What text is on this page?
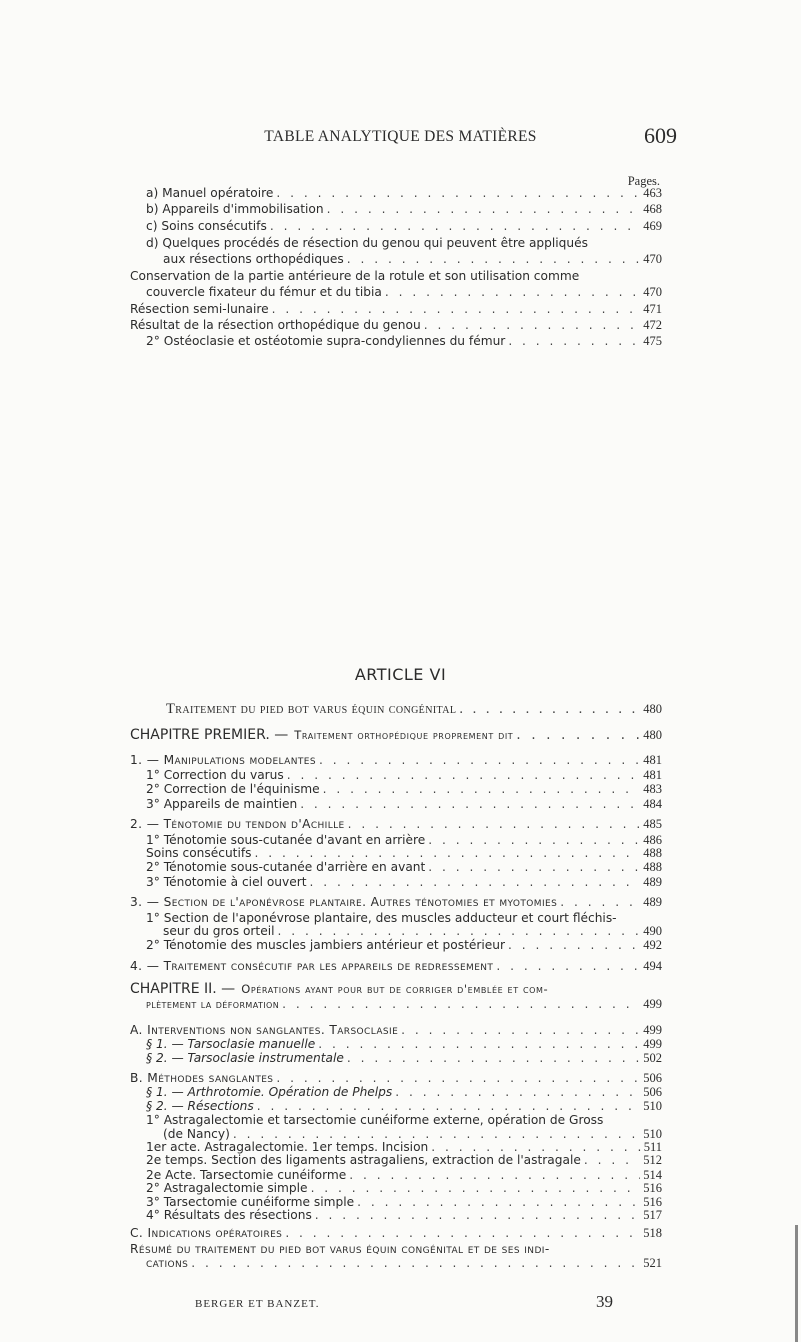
TABLE ANALYTIQUE DES MATIÈRES	609
Pages.
a) Manuel opératoire . . .	463
b) Appareils d'immobilisation . . .	468
c) Soins consécutifs . . .	469
d) Quelques procédés de résection du genou qui peuvent être appliqués
aux résections orthopédiques . . .	470
Conservation de la partie antérieure de la rotule et son utilisation comme
couvercle fixateur du fémur et du tibia . . .	470
Résection semi-lunaire . . .	471
Résultat de la résection orthopédique du genou . . .	472
2° Ostéoclasie et ostéotomie supra-condyliennes du fémur . . .	475
ARTICLE VI
Traitement du pied bot varus équin congénital . . .	480
CHAPITRE PREMIER. — Traitement orthopédique proprement dit . . .	480
1. — Manipulations modelantes . . .	481
1° Correction du varus . . .	481
2° Correction de l'équinisme . . .	483
3° Appareils de maintien . . .	484
2. — Ténotomie du tendon d'Achille . . .	485
1° Ténotomie sous-cutanée d'avant en arrière . . .	486
Soins consécutifs . . .	488
2° Ténotomie sous-cutanée d'arrière en avant . . .	488
3° Ténotomie à ciel ouvert . . .	489
3. — Section de l'aponévrose plantaire. Autres ténotomies et myotomies . . .	489
1° Section de l'aponévrose plantaire, des muscles adducteur et court fléchis-
seur du gros orteil . . .	490
2° Ténotomie des muscles jambiers antérieur et postérieur . . .	492
4. — Traitement consécutif par les appareils de redressement . . .	494
CHAPITRE II. — Opérations ayant pour but de corriger d'emblée et com-
plètement la déformation . . .	499
A. Interventions non sanglantes. Tarsoclasie . . .	499
§ 1. — Tarsoclasie manuelle . . .	499
§ 2. — Tarsoclasie instrumentale . . .	502
B. Méthodes sanglantes . . .	506
§ 1. — Arthrotomie. Opération de Phelps . . .	506
§ 2. — Résections . . .	510
1° Astragalectomie et tarsectomie cunéiforme externe, opération de Gross
(de Nancy) . . .	510
1er acte. Astragalectomie. 1er temps. Incision . . .	511
2e temps. Section des ligaments astragaliens, extraction de l'astragale . . .	512
2e Acte. Tarsectomie cunéiforme . . .	514
2° Astragalectomie simple . . .	516
3° Tarsectomie cunéiforme simple . . .	516
4° Résultats des résections . . .	517
C. Indications opératoires . . .	518
Résumé du traitement du pied bot varus équin congénital et de ses indi-
cations . . .	521
BERGER ET BANZET.	39
